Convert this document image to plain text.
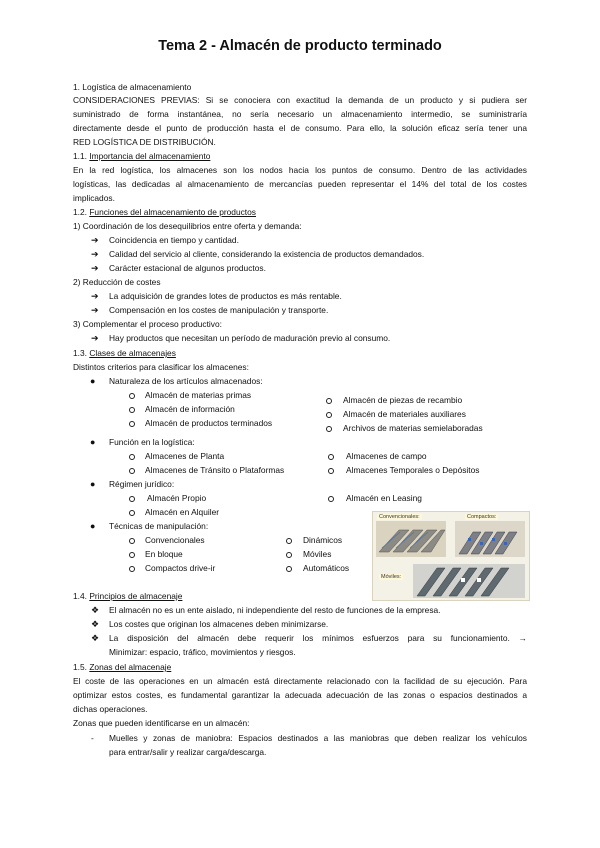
Tema 2 - Almacén de producto terminado
1. Logística de almacenamiento
CONSIDERACIONES PREVIAS: Si se conociera con exactitud la demanda de un producto y si pudiera ser
suministrado de forma instantánea, no sería necesario un almacenamiento intermedio, se suministraría
directamente desde el punto de producción hasta el de consumo. Para ello, la solución eficaz sería tener una
RED LOGÍSTICA DE DISTRIBUCIÓN.
1.1. Importancia del almacenamiento
En la red logística, los almacenes son los nodos hacia los puntos de consumo. Dentro de las actividades
logísticas, las dedicadas al almacenamiento de mercancías pueden representar el 14% del total de los costes
implicados.
1.2. Funciones del almacenamiento de productos
1) Coordinación de los desequilibrios entre oferta y demanda:
➔ Coincidencia en tiempo y cantidad.
➔ Calidad del servicio al cliente, considerando la existencia de productos demandados.
➔ Carácter estacional de algunos productos.
2) Reducción de costes
➔ La adquisición de grandes lotes de productos es más rentable.
➔ Compensación en los costes de manipulación y transporte.
3) Complementar el proceso productivo:
➔ Hay productos que necesitan un período de maduración previo al consumo.
1.3. Clases de almacenajes
Distintos criterios para clasificar los almacenes:
● Naturaleza de los artículos almacenados:
Almacén de materias primas
Almacén de información
Almacén de productos terminados
Almacén de piezas de recambio
Almacén de materiales auxiliares
Archivos de materias semielaboradas
● Función en la logística:
Almacenes de Planta
Almacenes de Tránsito o Plataformas
Almacenes de campo
Almacenes Temporales o Depósitos
● Régimen jurídico:
Almacén Propio
Almacén en Alquiler
Almacén en Leasing
● Técnicas de manipulación:
Convencionales
En bloque
Compactos drive-ir
Dinámicos
Móviles
Automáticos
Convencionales:	Compactos:
Móviles:
1.4. Principios de almacenaje
❖ El almacén no es un ente aislado, ni independiente del resto de funciones de la empresa.
❖ Los costes que originan los almacenes deben minimizarse.
❖ La disposición del almacén debe requerir los mínimos esfuerzos para su funcionamiento. →
Minimizar: espacio, tráfico, movimientos y riesgos.
1.5. Zonas del almacenaje
El coste de las operaciones en un almacén está directamente relacionado con la facilidad de su ejecución. Para
optimizar estos costes, es fundamental garantizar la adecuada adecuación de las zonas o espacios destinados a
dichas operaciones.
Zonas que pueden identificarse en un almacén:
- Muelles y zonas de maniobra: Espacios destinados a las maniobras que deben realizar los vehículos
para entrar/salir y realizar carga/descarga.
